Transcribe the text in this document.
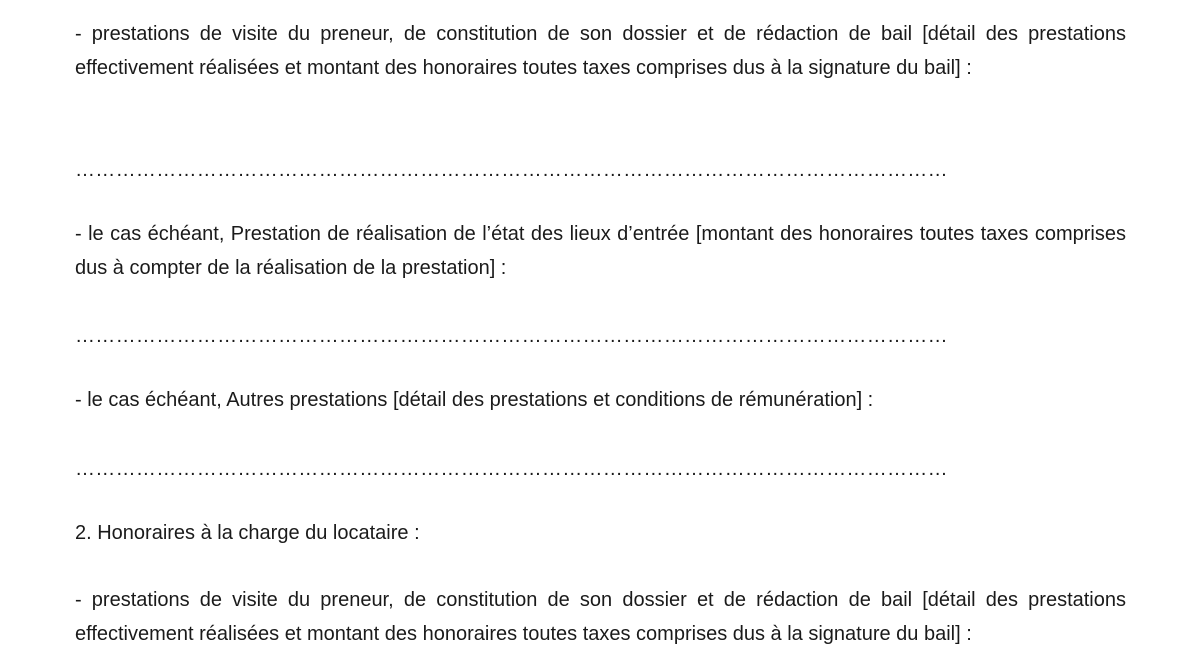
- prestations de visite du preneur, de constitution de son dossier et de rédaction de bail [détail des prestations effectivement réalisées et montant des honoraires toutes taxes comprises dus à la signature du bail] :

…………………………………………………………………………………………………………………

- le cas échéant, Prestation de réalisation de l’état des lieux d’entrée [montant des honoraires toutes taxes comprises dus à compter de la réalisation de la prestation] :

…………………………………………………………………………………………………………………

- le cas échéant, Autres prestations [détail des prestations et conditions de rémunération] :

…………………………………………………………………………………………………………………

2. Honoraires à la charge du locataire :

- prestations de visite du preneur, de constitution de son dossier et de rédaction de bail [détail des prestations effectivement réalisées et montant des honoraires toutes taxes comprises dus à la signature du bail] :
